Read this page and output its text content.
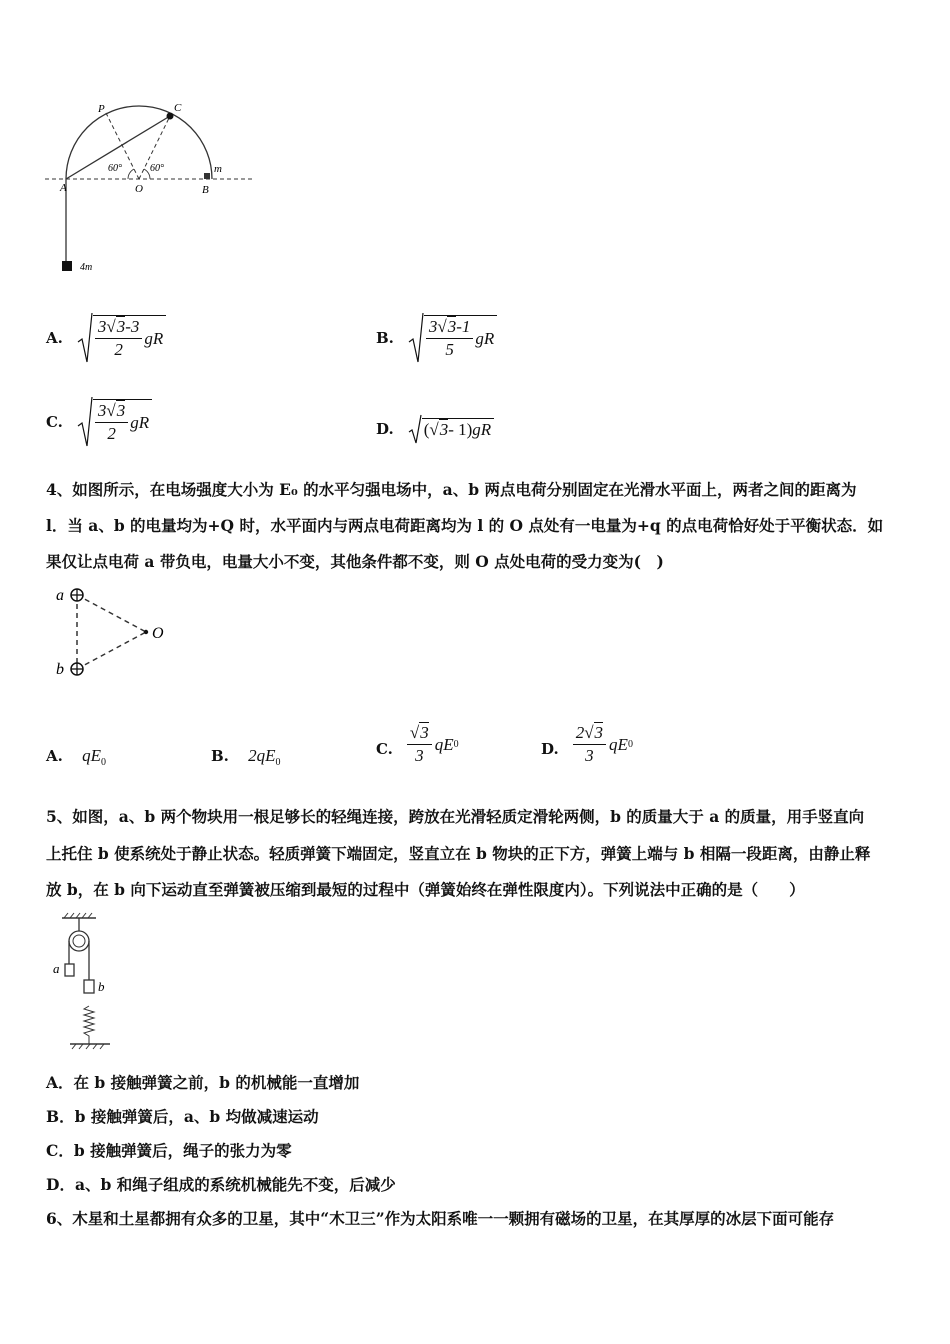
P	C
A	O	B
m
60°	60°
4m
A. $\frac{3√3-3}{2}$ gR	B. $\frac{3√3-1}{5}$ gR
C. $\frac{3√3}{2}$ gR	D. ( √ 3 - 1) gR
4、如图所示，在电场强度大小为 E₀ 的水平匀强电场中，a、b 两点电荷分别固定在光滑水平面上，两者之间的距离为
l．当 a、b 的电量均为+Q 时，水平面内与两点电荷距离均为 l 的 O 点处有一电量为+q 的点电荷恰好处于平衡状态．如
果仅让点电荷 a 带负电，电量大小不变，其他条件都不变，则 O 点处电荷的受力变为(　)
a
b
O
A. $qE_0$	B. $2qE_0$
C. $\frac{√3}{3}$ qE 0	D. $\frac{2√3}{3}$ qE 0
5、如图，a、b 两个物块用一根足够长的轻绳连接，跨放在光滑轻质定滑轮两侧，b 的质量大于 a 的质量，用手竖直向
上托住 b 使系统处于静止状态。轻质弹簧下端固定，竖直立在 b 物块的正下方，弹簧上端与 b 相隔一段距离，由静止释
放 b，在 b 向下运动直至弹簧被压缩到最短的过程中（弹簧始终在弹性限度内）。下列说法中正确的是（　　）
a
b
A．在 b 接触弹簧之前，b 的机械能一直增加
B．b 接触弹簧后，a、b 均做减速运动
C．b 接触弹簧后，绳子的张力为零
D．a、b 和绳子组成的系统机械能先不变，后减少
6、木星和土星都拥有众多的卫星，其中“木卫三”作为太阳系唯一一颗拥有磁场的卫星，在其厚厚的冰层下面可能存
